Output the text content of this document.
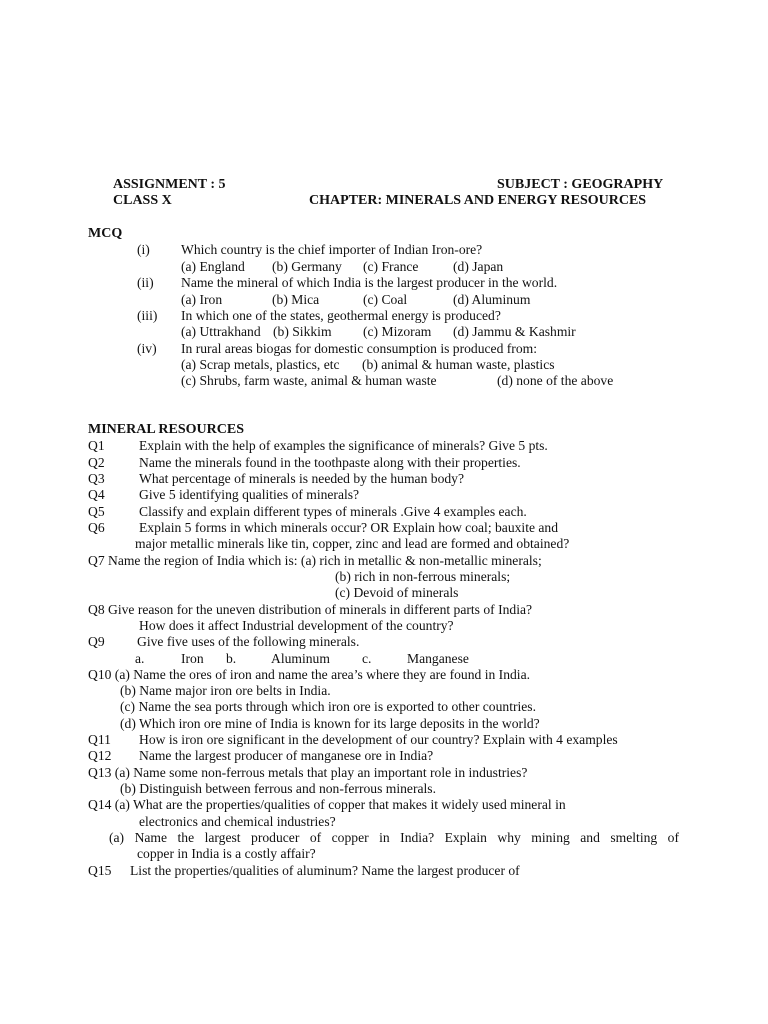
ASSIGNMENT : 5	SUBJECT : GEOGRAPHY
CLASS X	CHAPTER: MINERALS AND ENERGY RESOURCES
MCQ
(i) Which country is the chief importer of Indian Iron-ore?
(a) England (b) Germany (c) France	(d) Japan
(ii) Name the mineral of which India is the largest producer in the world.
(a) Iron	(b) Mica	(c) Coal	(d) Aluminum
(iii) In which one of the states, geothermal energy is produced?
(a) Uttrakhand (b) Sikkim (c) Mizoram (d) Jammu & Kashmir
(iv) In rural areas biogas for domestic consumption is produced from:
(a) Scrap metals, plastics, etc (b) animal & human waste, plastics
(c) Shrubs, farm waste, animal & human waste	(d) none of the above
MINERAL RESOURCES
Q1	Explain with the help of examples the significance of minerals? Give 5 pts.
Q2	Name the minerals found in the toothpaste along with their properties.
Q3	What percentage of minerals is needed by the human body?
Q4	Give 5 identifying qualities of minerals?
Q5	Classify and explain different types of minerals .Give 4 examples each.
Q6	Explain 5 forms in which minerals occur? OR Explain how coal; bauxite and
major metallic minerals like tin, copper, zinc and lead are formed and obtained?
Q7 Name the region of India which is: (a) rich in metallic & non-metallic minerals;
(b) rich in non-ferrous minerals;
(c) Devoid of minerals
Q8 Give reason for the uneven distribution of minerals in different parts of India?
How does it affect Industrial development of the country?
Q9 Give five uses of the following minerals.
a.	Iron b.	Aluminum c.	Manganese
Q10 (a) Name the ores of iron and name the area’s where they are found in India.
(b) Name major iron ore belts in India.
(c) Name the sea ports through which iron ore is exported to other countries.
(d) Which iron ore mine of India is known for its large deposits in the world?
Q11 How is iron ore significant in the development of our country? Explain with 4 examples
Q12 Name the largest producer of manganese ore in India?
Q13 (a) Name some non-ferrous metals that play an important role in industries?
(b) Distinguish between ferrous and non-ferrous minerals.
Q14 (a) What are the properties/qualities of copper that makes it widely used mineral in
electronics and chemical industries?
(a) Name the largest producer of copper in India? Explain why mining and smelting of
copper in India is a costly affair?
Q15 List the properties/qualities of aluminum? Name the largest producer of
